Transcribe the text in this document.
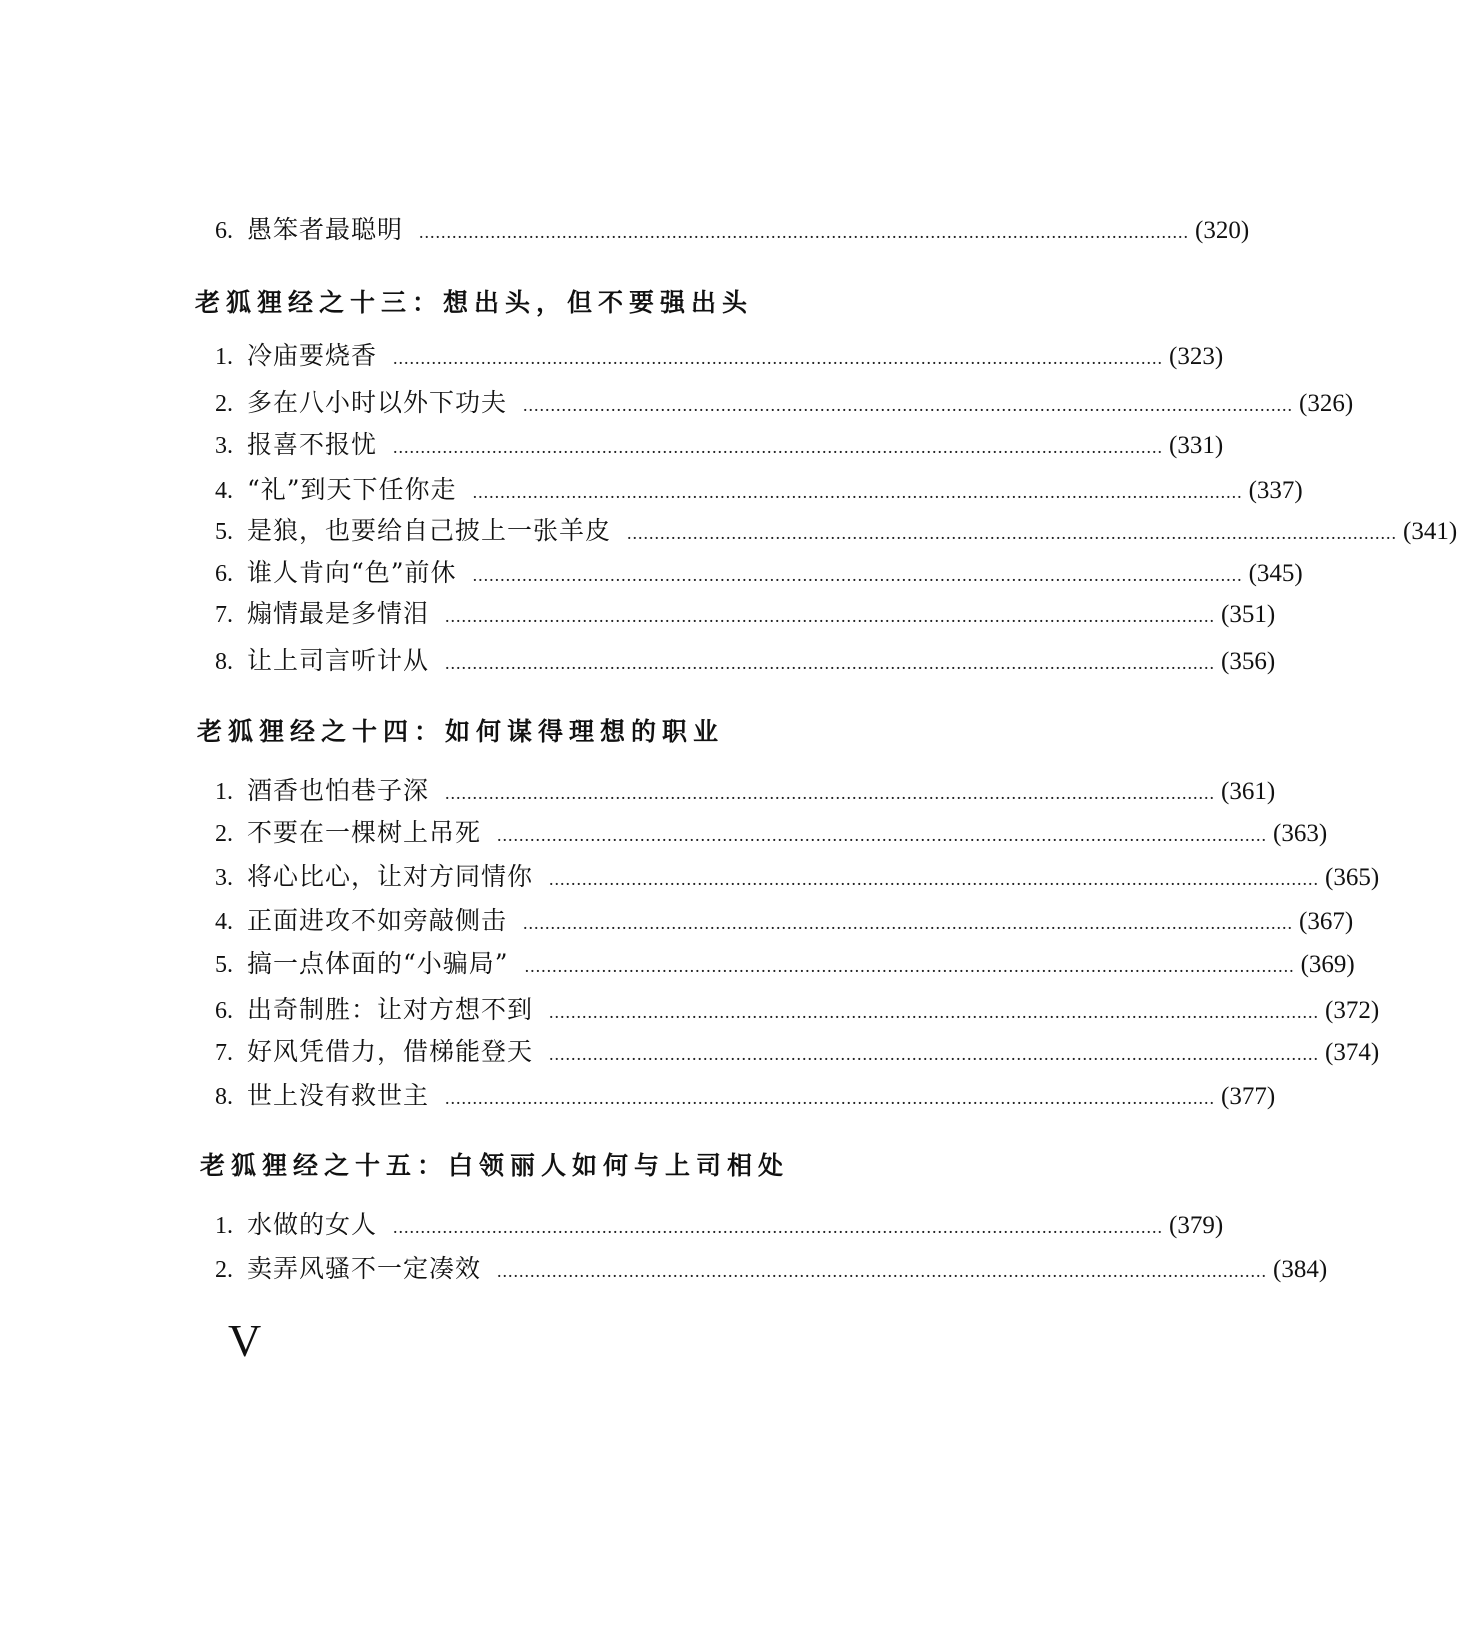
6. 愚笨者最聪明 ............................................................................................................................................ (320)
老狐狸经之十三：想出头，但不要强出头
1. 冷庙要烧香 ............................................................................................................................................ (323)
2. 多在八小时以外下功夫 ............................................................................................................................................ (326)
3. 报喜不报忧 ............................................................................................................................................ (331)
4. “礼”到天下任你走 ............................................................................................................................................ (337)
5. 是狼，也要给自己披上一张羊皮 ............................................................................................................................................ (341)
6. 谁人肯向“色”前休 ............................................................................................................................................ (345)
7. 煽情最是多情泪 ............................................................................................................................................ (351)
8. 让上司言听计从 ............................................................................................................................................ (356)
老狐狸经之十四：如何谋得理想的职业
1. 酒香也怕巷子深 ............................................................................................................................................ (361)
2. 不要在一棵树上吊死 ............................................................................................................................................ (363)
3. 将心比心，让对方同情你 ............................................................................................................................................ (365)
4. 正面进攻不如旁敲侧击 ............................................................................................................................................ (367)
5. 搞一点体面的“小骗局” ............................................................................................................................................ (369)
6. 出奇制胜：让对方想不到 ............................................................................................................................................ (372)
7. 好风凭借力，借梯能登天 ............................................................................................................................................ (374)
8. 世上没有救世主 ............................................................................................................................................ (377)
老狐狸经之十五：白领丽人如何与上司相处
1. 水做的女人 ............................................................................................................................................ (379)
2. 卖弄风骚不一定凑效 ............................................................................................................................................ (384)
V
